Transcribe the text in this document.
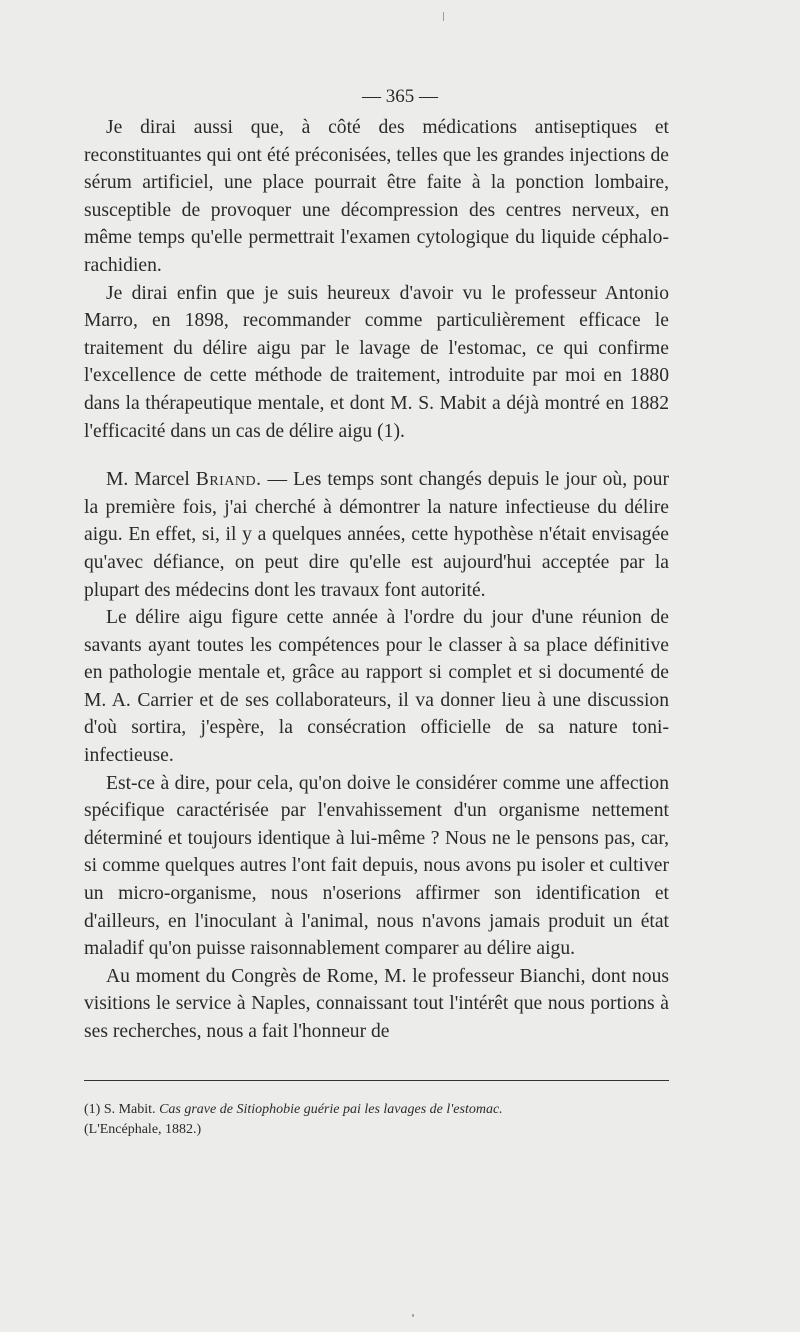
— 365 —

Je dirai aussi que, à côté des médications antiseptiques et reconstituantes qui ont été préconisées, telles que les grandes injections de sérum artificiel, une place pourrait être faite à la ponction lombaire, susceptible de provoquer une décompression des centres nerveux, en même temps qu'elle permettrait l'examen cytologique du liquide céphalo-rachidien.

Je dirai enfin que je suis heureux d'avoir vu le professeur Antonio Marro, en 1898, recommander comme particulièrement efficace le traitement du délire aigu par le lavage de l'estomac, ce qui confirme l'excellence de cette méthode de traitement, introduite par moi en 1880 dans la thérapeutique mentale, et dont M. S. Mabit a déjà montré en 1882 l'efficacité dans un cas de délire aigu (1).

M. Marcel Briand. — Les temps sont changés depuis le jour où, pour la première fois, j'ai cherché à démontrer la nature infectieuse du délire aigu. En effet, si, il y a quelques années, cette hypothèse n'était envisagée qu'avec défiance, on peut dire qu'elle est aujourd'hui acceptée par la plupart des médecins dont les travaux font autorité.

Le délire aigu figure cette année à l'ordre du jour d'une réunion de savants ayant toutes les compétences pour le classer à sa place définitive en pathologie mentale et, grâce au rapport si complet et si documenté de M. A. Carrier et de ses collaborateurs, il va donner lieu à une discussion d'où sortira, j'espère, la consécration officielle de sa nature toni-infectieuse.

Est-ce à dire, pour cela, qu'on doive le considérer comme une affection spécifique caractérisée par l'envahissement d'un organisme nettement déterminé et toujours identique à lui-même ? Nous ne le pensons pas, car, si comme quelques autres l'ont fait depuis, nous avons pu isoler et cultiver un micro-organisme, nous n'oserions affirmer son identification et d'ailleurs, en l'inoculant à l'animal, nous n'avons jamais produit un état maladif qu'on puisse raisonnablement comparer au délire aigu.

Au moment du Congrès de Rome, M. le professeur Bianchi, dont nous visitions le service à Naples, connaissant tout l'intérêt que nous portions à ses recherches, nous a fait l'honneur de

(1) S. Mabit. Cas grave de Sitiophobie guérie pai les lavages de l'estomac.
(L'Encéphale, 1882.)
